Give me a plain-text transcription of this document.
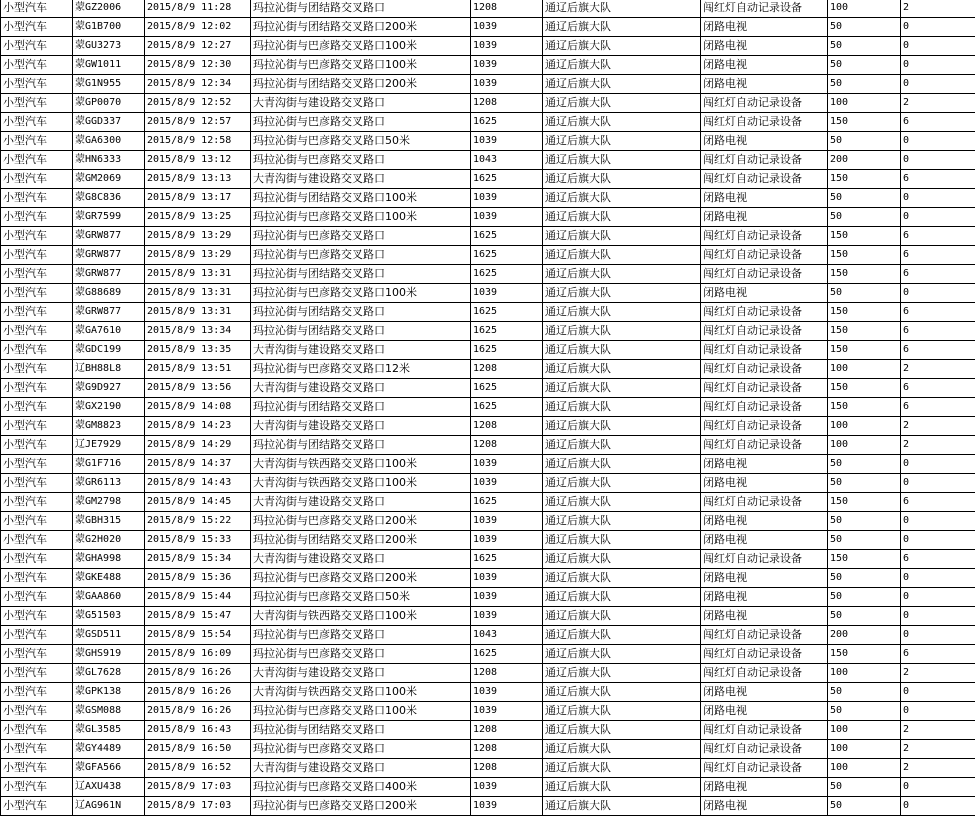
小型汽车	蒙GZ2006	2015/8/9 11:28	玛拉沁街与团结路交叉路口	1208	通辽后旗大队	闯红灯自动记录设备	100	2
小型汽车	蒙G1B700	2015/8/9 12:02	玛拉沁街与团结路交叉路口200米	1039	通辽后旗大队	闭路电视	50	0
小型汽车	蒙GU3273	2015/8/9 12:27	玛拉沁街与巴彦路交叉路口100米	1039	通辽后旗大队	闭路电视	50	0
小型汽车	蒙GW1011	2015/8/9 12:30	玛拉沁街与巴彦路交叉路口100米	1039	通辽后旗大队	闭路电视	50	0
小型汽车	蒙G1N955	2015/8/9 12:34	玛拉沁街与团结路交叉路口200米	1039	通辽后旗大队	闭路电视	50	0
小型汽车	蒙GP0070	2015/8/9 12:52	大青沟街与建设路交叉路口	1208	通辽后旗大队	闯红灯自动记录设备	100	2
小型汽车	蒙GGD337	2015/8/9 12:57	玛拉沁街与巴彦路交叉路口	1625	通辽后旗大队	闯红灯自动记录设备	150	6
小型汽车	蒙GA6300	2015/8/9 12:58	玛拉沁街与巴彦路交叉路口50米	1039	通辽后旗大队	闭路电视	50	0
小型汽车	蒙HN6333	2015/8/9 13:12	玛拉沁街与巴彦路交叉路口	1043	通辽后旗大队	闯红灯自动记录设备	200	0
小型汽车	蒙GM2069	2015/8/9 13:13	大青沟街与建设路交叉路口	1625	通辽后旗大队	闯红灯自动记录设备	150	6
小型汽车	蒙G8C836	2015/8/9 13:17	玛拉沁街与团结路交叉路口100米	1039	通辽后旗大队	闭路电视	50	0
小型汽车	蒙GR7599	2015/8/9 13:25	玛拉沁街与巴彦路交叉路口100米	1039	通辽后旗大队	闭路电视	50	0
小型汽车	蒙GRW877	2015/8/9 13:29	玛拉沁街与巴彦路交叉路口	1625	通辽后旗大队	闯红灯自动记录设备	150	6
小型汽车	蒙GRW877	2015/8/9 13:29	玛拉沁街与巴彦路交叉路口	1625	通辽后旗大队	闯红灯自动记录设备	150	6
小型汽车	蒙GRW877	2015/8/9 13:31	玛拉沁街与团结路交叉路口	1625	通辽后旗大队	闯红灯自动记录设备	150	6
小型汽车	蒙G88689	2015/8/9 13:31	玛拉沁街与巴彦路交叉路口100米	1039	通辽后旗大队	闭路电视	50	0
小型汽车	蒙GRW877	2015/8/9 13:31	玛拉沁街与团结路交叉路口	1625	通辽后旗大队	闯红灯自动记录设备	150	6
小型汽车	蒙GA7610	2015/8/9 13:34	玛拉沁街与团结路交叉路口	1625	通辽后旗大队	闯红灯自动记录设备	150	6
小型汽车	蒙GDC199	2015/8/9 13:35	大青沟街与建设路交叉路口	1625	通辽后旗大队	闯红灯自动记录设备	150	6
小型汽车	辽BH88L8	2015/8/9 13:51	玛拉沁街与巴彦路交叉路口12米	1208	通辽后旗大队	闯红灯自动记录设备	100	2
小型汽车	蒙G9D927	2015/8/9 13:56	大青沟街与建设路交叉路口	1625	通辽后旗大队	闯红灯自动记录设备	150	6
小型汽车	蒙GX2190	2015/8/9 14:08	玛拉沁街与团结路交叉路口	1625	通辽后旗大队	闯红灯自动记录设备	150	6
小型汽车	蒙GM8823	2015/8/9 14:23	大青沟街与建设路交叉路口	1208	通辽后旗大队	闯红灯自动记录设备	100	2
小型汽车	辽JE7929	2015/8/9 14:29	玛拉沁街与团结路交叉路口	1208	通辽后旗大队	闯红灯自动记录设备	100	2
小型汽车	蒙G1F716	2015/8/9 14:37	大青沟街与铁西路交叉路口100米	1039	通辽后旗大队	闭路电视	50	0
小型汽车	蒙GR6113	2015/8/9 14:43	大青沟街与铁西路交叉路口100米	1039	通辽后旗大队	闭路电视	50	0
小型汽车	蒙GM2798	2015/8/9 14:45	大青沟街与建设路交叉路口	1625	通辽后旗大队	闯红灯自动记录设备	150	6
小型汽车	蒙GBH315	2015/8/9 15:22	玛拉沁街与巴彦路交叉路口200米	1039	通辽后旗大队	闭路电视	50	0
小型汽车	蒙G2H020	2015/8/9 15:33	玛拉沁街与团结路交叉路口200米	1039	通辽后旗大队	闭路电视	50	0
小型汽车	蒙GHA998	2015/8/9 15:34	大青沟街与建设路交叉路口	1625	通辽后旗大队	闯红灯自动记录设备	150	6
小型汽车	蒙GKE488	2015/8/9 15:36	玛拉沁街与巴彦路交叉路口200米	1039	通辽后旗大队	闭路电视	50	0
小型汽车	蒙GAA860	2015/8/9 15:44	玛拉沁街与巴彦路交叉路口50米	1039	通辽后旗大队	闭路电视	50	0
小型汽车	蒙G51503	2015/8/9 15:47	大青沟街与铁西路交叉路口100米	1039	通辽后旗大队	闭路电视	50	0
小型汽车	蒙GSD511	2015/8/9 15:54	玛拉沁街与巴彦路交叉路口	1043	通辽后旗大队	闯红灯自动记录设备	200	0
小型汽车	蒙GHS919	2015/8/9 16:09	玛拉沁街与巴彦路交叉路口	1625	通辽后旗大队	闯红灯自动记录设备	150	6
小型汽车	蒙GL7628	2015/8/9 16:26	大青沟街与建设路交叉路口	1208	通辽后旗大队	闯红灯自动记录设备	100	2
小型汽车	蒙GPK138	2015/8/9 16:26	大青沟街与铁西路交叉路口100米	1039	通辽后旗大队	闭路电视	50	0
小型汽车	蒙GSM088	2015/8/9 16:26	玛拉沁街与巴彦路交叉路口100米	1039	通辽后旗大队	闭路电视	50	0
小型汽车	蒙GL3585	2015/8/9 16:43	玛拉沁街与团结路交叉路口	1208	通辽后旗大队	闯红灯自动记录设备	100	2
小型汽车	蒙GY4489	2015/8/9 16:50	玛拉沁街与巴彦路交叉路口	1208	通辽后旗大队	闯红灯自动记录设备	100	2
小型汽车	蒙GFA566	2015/8/9 16:52	大青沟街与建设路交叉路口	1208	通辽后旗大队	闯红灯自动记录设备	100	2
小型汽车	辽AXU438	2015/8/9 17:03	玛拉沁街与巴彦路交叉路口400米	1039	通辽后旗大队	闭路电视	50	0
小型汽车	辽AG961N	2015/8/9 17:03	玛拉沁街与巴彦路交叉路口200米	1039	通辽后旗大队	闭路电视	50	0
